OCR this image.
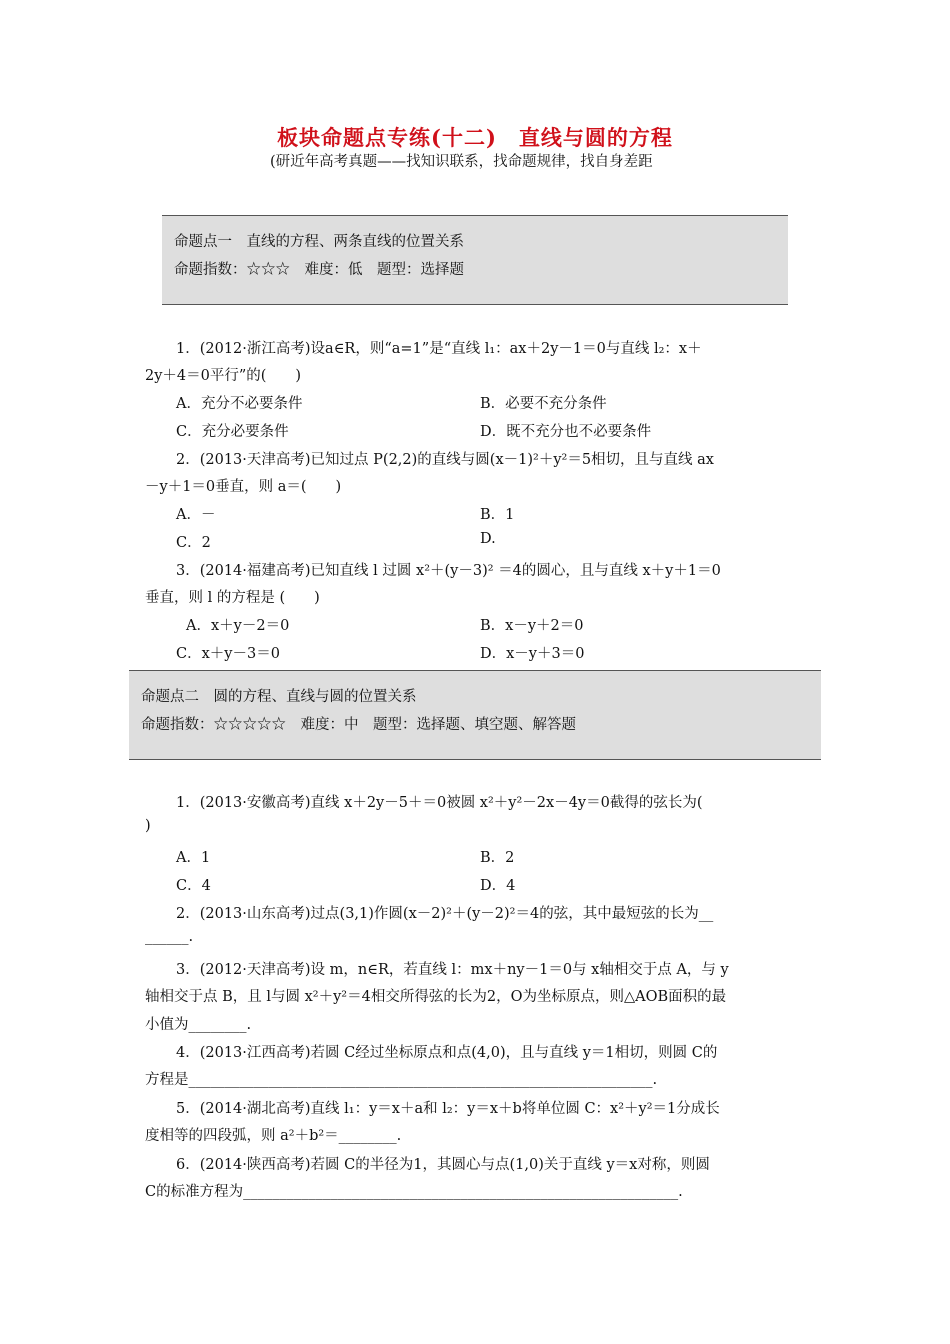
板块命题点专练(十二)　直线与圆的方程
(研近年高考真题——找知识联系，找命题规律，找自身差距
命题点一　直线的方程、两条直线的位置关系
命题指数：☆☆☆　难度：低　题型：选择题
1．(2012·浙江高考)设a∈R，则“a=1”是“直线 l₁：ax＋2y－1＝0与直线 l₂：x＋
2y＋4＝0平行”的(　　)
A．充分不必要条件	B．必要不充分条件
C．充分必要条件	D．既不充分也不必要条件
2．(2013·天津高考)已知过点 P(2,2)的直线与圆(x－1)²＋y²＝5相切，且与直线 ax
－y＋1＝0垂直，则 a＝(　　)
A．－	B．1
C．2	D.
3．(2014·福建高考)已知直线 l 过圆 x²＋(y－3)² ＝4的圆心，且与直线 x＋y＋1＝0
垂直，则 l 的方程是 (　　)
A．x＋y－2＝0	B．x－y＋2＝0
C．x＋y－3＝0	D．x－y＋3＝0
命题点二　圆的方程、直线与圆的位置关系
命题指数：☆☆☆☆☆　难度：中　题型：选择题、填空题、解答题
1．(2013·安徽高考)直线 x＋2y－5＋＝0被圆 x²＋y²－2x－4y＝0截得的弦长为(
)
A．1	B．2
C．4	D．4
2．(2013·山东高考)过点(3,1)作圆(x－2)²＋(y－2)²＝4的弦，其中最短弦的长为__
______.
3．(2012·天津高考)设 m，n∈R，若直线 l：mx＋ny－1＝0与 x轴相交于点 A，与 y
轴相交于点 B，且 l与圆 x²＋y²＝4相交所得弦的长为2，O为坐标原点，则△AOB面积的最
小值为________.
4．(2013·江西高考)若圆 C经过坐标原点和点(4,0)，且与直线 y＝1相切，则圆 C的
方程是________________________________________________________________.
5．(2014·湖北高考)直线 l₁：y＝x＋a和 l₂：y＝x＋b将单位圆 C：x²＋y²＝1分成长
度相等的四段弧，则 a²＋b²＝________.
6．(2014·陕西高考)若圆 C的半径为1，其圆心与点(1,0)关于直线 y＝x对称，则圆
C的标准方程为____________________________________________________________.
